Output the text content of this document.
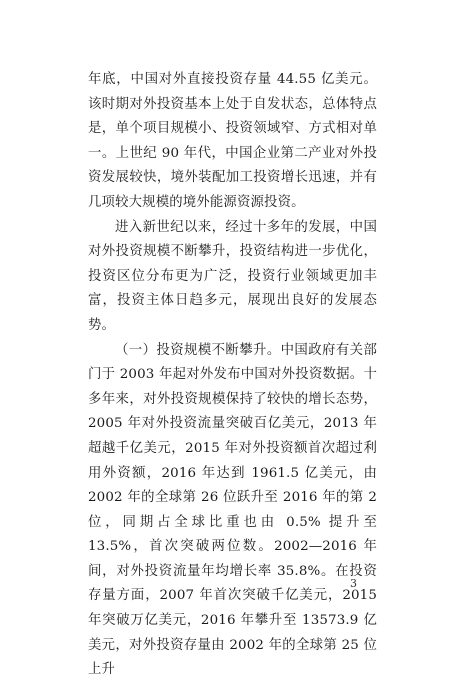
年底，中国对外直接投资存量 44.55 亿美元。该时期对外投资基本上处于自发状态，总体特点是，单个项目规模小、投资领域窄、方式相对单一。上世纪 90 年代，中国企业第二产业对外投资发展较快，境外装配加工投资增长迅速，并有几项较大规模的境外能源资源投资。

进入新世纪以来，经过十多年的发展，中国对外投资规模不断攀升，投资结构进一步优化，投资区位分布更为广泛，投资行业领域更加丰富，投资主体日趋多元，展现出良好的发展态势。

（一）投资规模不断攀升。中国政府有关部门于 2003 年起对外发布中国对外投资数据。十多年来，对外投资规模保持了较快的增长态势，2005 年对外投资流量突破百亿美元，2013 年超越千亿美元，2015 年对外投资额首次超过利用外资额，2016 年达到 1961.5 亿美元，由 2002 年的全球第 26 位跃升至 2016 年的第 2 位，同期占全球比重也由 0.5% 提升至 13.5%，首次突破两位数。2002—2016 年间，对外投资流量年均增长率 35.8%。在投资存量方面，2007 年首次突破千亿美元，2015 年突破万亿美元，2016 年攀升至 13573.9 亿美元，对外投资存量由 2002 年的全球第 25 位上升

3
